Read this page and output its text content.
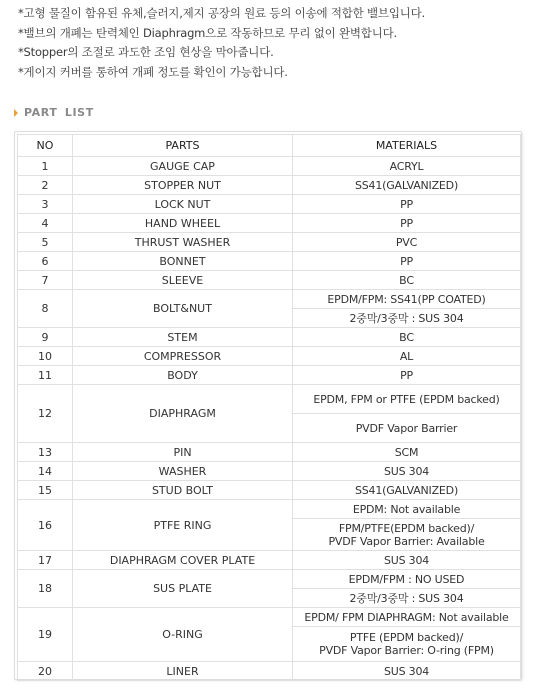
*고형 물질이 함유된 유체,슬러지,제지 공장의 원료 등의 이송에 적합한 밸브입니다.
*밸브의 개폐는 탄력체인 Diaphragm으로 작동하므로 무리 없이 완벽합니다.
*Stopper의 조절로 과도한 조임 현상을 막아줍니다.
*게이지 커버를 통하여 개폐 정도를 확인이 가능합니다.
PART LIST
NO	PARTS	MATERIALS
1	GAUGE CAP	ACRYL
2	STOPPER NUT	SS41(GALVANIZED)
3	LOCK NUT	PP
4	HAND WHEEL	PP
5	THRUST WASHER	PVC
6	BONNET	PP
7	SLEEVE	BC
8	BOLT&NUT	EPDM/FPM: SS41(PP COATED)
		2중막/3중막 : SUS 304
9	STEM	BC
10	COMPRESSOR	AL
11	BODY	PP
12	DIAPHRAGM	EPDM, FPM or PTFE (EPDM backed)
		PVDF Vapor Barrier
13	PIN	SCM
14	WASHER	SUS 304
15	STUD BOLT	SS41(GALVANIZED)
16	PTFE RING	EPDM: Not available
		FPM/PTFE(EPDM backed)/
PVDF Vapor Barrier: Available
17	DIAPHRAGM COVER PLATE	SUS 304
18	SUS PLATE	EPDM/FPM : NO USED
		2중막/3중막 : SUS 304
19	O-RING	EPDM/ FPM DIAPHRAGM: Not available
		PTFE (EPDM backed)/
PVDF Vapor Barrier: O-ring (FPM)
20	LINER	SUS 304
